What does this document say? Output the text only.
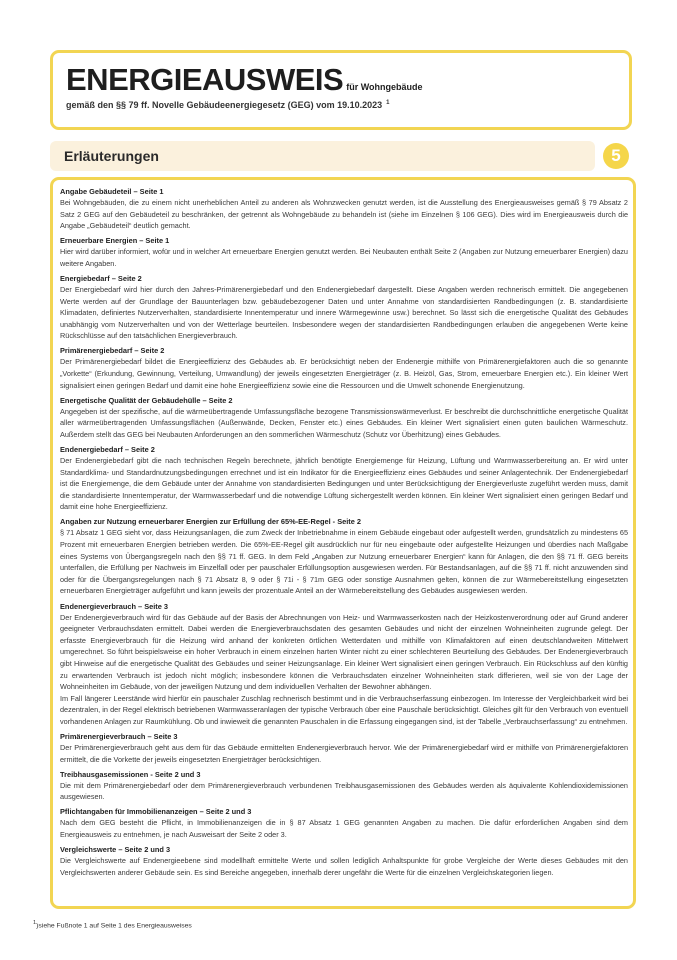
ENERGIEAUSWEIS für Wohngebäude
gemäß den §§ 79 ff. Novelle Gebäudeenergiegesetz (GEG) vom 19.10.2023 $^1$
Erläuterungen	5
Angabe Gebäudeteil – Seite 1

Bei Wohngebäuden, die zu einem nicht unerheblichen Anteil zu anderen als Wohnzwecken genutzt werden, ist die Ausstellung des Energieausweises gemäß § 79 Absatz 2 Satz 2 GEG auf den Gebäudeteil zu beschränken, der getrennt als Wohngebäude zu behandeln ist (siehe im Einzelnen § 106 GEG). Dies wird im Energieausweis durch die Angabe „Gebäudeteil“ deutlich gemacht.

Erneuerbare Energien – Seite 1

Hier wird darüber informiert, wofür und in welcher Art erneuerbare Energien genutzt werden. Bei Neubauten enthält Seite 2 (Angaben zur Nutzung erneuerbarer Energien) dazu weitere Angaben.

Energiebedarf – Seite 2

Der Energiebedarf wird hier durch den Jahres-Primärenergiebedarf und den Endenergiebedarf dargestellt. Diese Angaben werden rechnerisch ermittelt. Die angegebenen Werte werden auf der Grundlage der Bauunterlagen bzw. gebäudebezogener Daten und unter Annahme von standardisierten Randbedingungen (z. B. standardisierte Klimadaten, definiertes Nutzerverhalten, standardisierte Innentemperatur und innere Wärmegewinne usw.) berechnet. So lässt sich die energetische Qualität des Gebäudes unabhängig vom Nutzerverhalten und von der Wetterlage beurteilen. Insbesondere wegen der standardisierten Randbedingungen erlauben die angegebenen Werte keine Rückschlüsse auf den tatsächlichen Energieverbrauch.

Primärenergiebedarf – Seite 2

Der Primärenergiebedarf bildet die Energieeffizienz des Gebäudes ab. Er berücksichtigt neben der Endenergie mithilfe von Primärenergiefaktoren auch die so genannte „Vorkette“ (Erkundung, Gewinnung, Verteilung, Umwandlung) der jeweils eingesetzten Energieträger (z. B. Heizöl, Gas, Strom, erneuerbare Energien etc.). Ein kleiner Wert signalisiert einen geringen Bedarf und damit eine hohe Energieeffizienz sowie eine die Ressourcen und die Umwelt schonende Energienutzung.

Energetische Qualität der Gebäudehülle – Seite 2

Angegeben ist der spezifische, auf die wärmeübertragende Umfassungsfläche bezogene Transmissionswärmeverlust. Er beschreibt die durchschnittliche energetische Qualität aller wärmeübertragenden Umfassungsflächen (Außenwände, Decken, Fenster etc.) eines Gebäudes. Ein kleiner Wert signalisiert einen guten baulichen Wärmeschutz. Außerdem stellt das GEG bei Neubauten Anforderungen an den sommerlichen Wärmeschutz (Schutz vor Überhitzung) eines Gebäudes.

Endenergiebedarf – Seite 2

Der Endenergiebedarf gibt die nach technischen Regeln berechnete, jährlich benötigte Energiemenge für Heizung, Lüftung und Warmwasserbereitung an. Er wird unter Standardklima- und Standardnutzungsbedingungen errechnet und ist ein Indikator für die Energieeffizienz eines Gebäudes und seiner Anlagentechnik. Der Endenergiebedarf ist die Energiemenge, die dem Gebäude unter der Annahme von standardisierten Bedingungen und unter Berücksichtigung der Energieverluste zugeführt werden muss, damit die standardisierte Innentemperatur, der Warmwasserbedarf und die notwendige Lüftung sichergestellt werden können. Ein kleiner Wert signalisiert einen geringen Bedarf und damit eine hohe Energieeffizienz.

Angaben zur Nutzung erneuerbarer Energien zur Erfüllung der 65%-EE-Regel - Seite 2

§ 71 Absatz 1 GEG sieht vor, dass Heizungsanlagen, die zum Zweck der Inbetriebnahme in einem Gebäude eingebaut oder aufgestellt werden, grundsätzlich zu mindestens 65 Prozent mit erneuerbaren Energien betrieben werden. Die 65%-EE-Regel gilt ausdrücklich nur für neu eingebaute oder aufgestellte Heizungen und überdies nach Maßgabe eines Systems von Übergangsregeln nach den §§ 71 ff. GEG. In dem Feld „Angaben zur Nutzung erneuerbarer Energien“ kann für Anlagen, die den §§ 71 ff. GEG bereits unterfallen, die Erfüllung per Nachweis im Einzelfall oder per pauschaler Erfüllungsoption ausgewiesen werden. Für Bestandsanlagen, auf die §§ 71 ff. nicht anzuwenden sind oder für die Übergangsregelungen nach § 71 Absatz 8, 9 oder § 71i - § 71m GEG oder sonstige Ausnahmen gelten, können die zur Wärmebereitstellung eingesetzten erneuerbaren Energieträger aufgeführt und kann jeweils der prozentuale Anteil an der Wärmebereitstellung des Gebäudes ausgewiesen werden.

Endenergieverbrauch – Seite 3

Der Endenergieverbrauch wird für das Gebäude auf der Basis der Abrechnungen von Heiz- und Warmwasserkosten nach der Heizkostenverordnung oder auf Grund anderer geeigneter Verbrauchsdaten ermittelt. Dabei werden die Energieverbrauchsdaten des gesamten Gebäudes und nicht der einzelnen Wohneinheiten zugrunde gelegt. Der erfasste Energieverbrauch für die Heizung wird anhand der konkreten örtlichen Wetterdaten und mithilfe von Klimafaktoren auf einen deutschlandweiten Mittelwert umgerechnet. So führt beispielsweise ein hoher Verbrauch in einem einzelnen harten Winter nicht zu einer schlechteren Beurteilung des Gebäudes. Der Endenergieverbrauch gibt Hinweise auf die energetische Qualität des Gebäudes und seiner Heizungsanlage. Ein kleiner Wert signalisiert einen geringen Verbrauch. Ein Rückschluss auf den künftig zu erwartenden Verbrauch ist jedoch nicht möglich; insbesondere können die Verbrauchsdaten einzelner Wohneinheiten stark differieren, weil sie von der Lage der Wohneinheiten im Gebäude, von der jeweiligen Nutzung und dem individuellen Verhalten der Bewohner abhängen.

Im Fall längerer Leerstände wird hierfür ein pauschaler Zuschlag rechnerisch bestimmt und in die Verbrauchserfassung einbezogen. Im Interesse der Vergleichbarkeit wird bei dezentralen, in der Regel elektrisch betriebenen Warmwasseranlagen der typische Verbrauch über eine Pauschale berücksichtigt. Gleiches gilt für den Verbrauch von eventuell vorhandenen Anlagen zur Raumkühlung. Ob und inwieweit die genannten Pauschalen in die Erfassung eingegangen sind, ist der Tabelle „Verbrauchserfassung“ zu entnehmen.

Primärenergieverbrauch – Seite 3

Der Primärenergieverbrauch geht aus dem für das Gebäude ermittelten Endenergieverbrauch hervor. Wie der Primärenergiebedarf wird er mithilfe von Primärenergiefaktoren ermittelt, die die Vorkette der jeweils eingesetzten Energieträger berücksichtigen.

Treibhausgasemissionen - Seite 2 und 3

Die mit dem Primärenergiebedarf oder dem Primärenergieverbrauch verbundenen Treibhausgasemissionen des Gebäudes werden als äquivalente Kohlendioxidemissionen ausgewiesen.

Pflichtangaben für Immobilienanzeigen – Seite 2 und 3

Nach dem GEG besteht die Pflicht, in Immobilienanzeigen die in § 87 Absatz 1 GEG genannten Angaben zu machen. Die dafür erforderlichen Angaben sind dem Energieausweis zu entnehmen, je nach Ausweisart der Seite 2 oder 3.

Vergleichswerte – Seite 2 und 3

Die Vergleichswerte auf Endenergieebene sind modellhaft ermittelte Werte und sollen lediglich Anhaltspunkte für grobe Vergleiche der Werte dieses Gebäudes mit den Vergleichswerten anderer Gebäude sein. Es sind Bereiche angegeben, innerhalb derer ungefähr die Werte für die einzelnen Vergleichskategorien liegen.

$^1$)siehe Fußnote 1 auf Seite 1 des Energieausweises
